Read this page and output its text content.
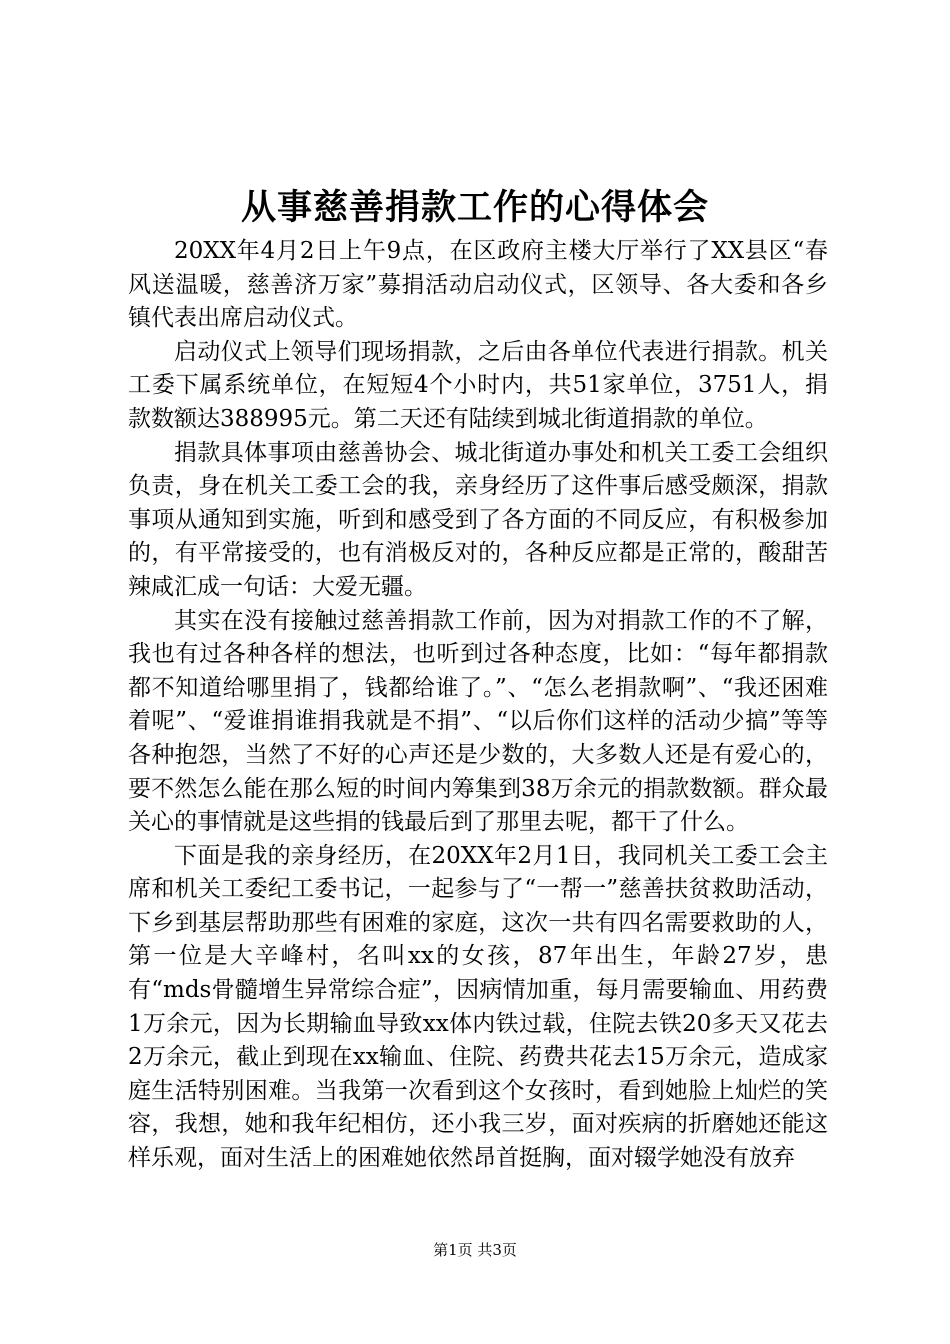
从事慈善捐款工作的心得体会

20XX年4月2日上午9点，在区政府主楼大厅举行了XX县区“春风送温暖，慈善济万家”募捐活动启动仪式，区领导、各大委和各乡镇代表出席启动仪式。

启动仪式上领导们现场捐款，之后由各单位代表进行捐款。机关工委下属系统单位，在短短4个小时内，共51家单位，3751人，捐款数额达388995元。第二天还有陆续到城北街道捐款的单位。

捐款具体事项由慈善协会、城北街道办事处和机关工委工会组织负责，身在机关工委工会的我，亲身经历了这件事后感受颇深，捐款事项从通知到实施，听到和感受到了各方面的不同反应，有积极参加的，有平常接受的，也有消极反对的，各种反应都是正常的，酸甜苦辣咸汇成一句话：大爱无疆。

其实在没有接触过慈善捐款工作前，因为对捐款工作的不了解，我也有过各种各样的想法，也听到过各种态度，比如：“每年都捐款都不知道给哪里捐了，钱都给谁了。”、“怎么老捐款啊”、“我还困难着呢”、“爱谁捐谁捐我就是不捐”、“以后你们这样的活动少搞”等等各种抱怨，当然了不好的心声还是少数的，大多数人还是有爱心的，要不然怎么能在那么短的时间内筹集到38万余元的捐款数额。群众最关心的事情就是这些捐的钱最后到了那里去呢，都干了什么。

下面是我的亲身经历，在20XX年2月1日，我同机关工委工会主席和机关工委纪工委书记，一起参与了“一帮一”慈善扶贫救助活动，下乡到基层帮助那些有困难的家庭，这次一共有四名需要救助的人，第一位是大辛峰村，名叫xx的女孩，87年出生，年龄27岁，患有“mds骨髓增生异常综合症”，因病情加重，每月需要输血、用药费1万余元，因为长期输血导致xx体内铁过载，住院去铁20多天又花去2万余元，截止到现在xx输血、住院、药费共花去15万余元，造成家庭生活特别困难。当我第一次看到这个女孩时，看到她脸上灿烂的笑容，我想，她和我年纪相仿，还小我三岁，面对疾病的折磨她还能这样乐观，面对生活上的困难她依然昂首挺胸，面对辍学她没有放弃

第1页 共3页
